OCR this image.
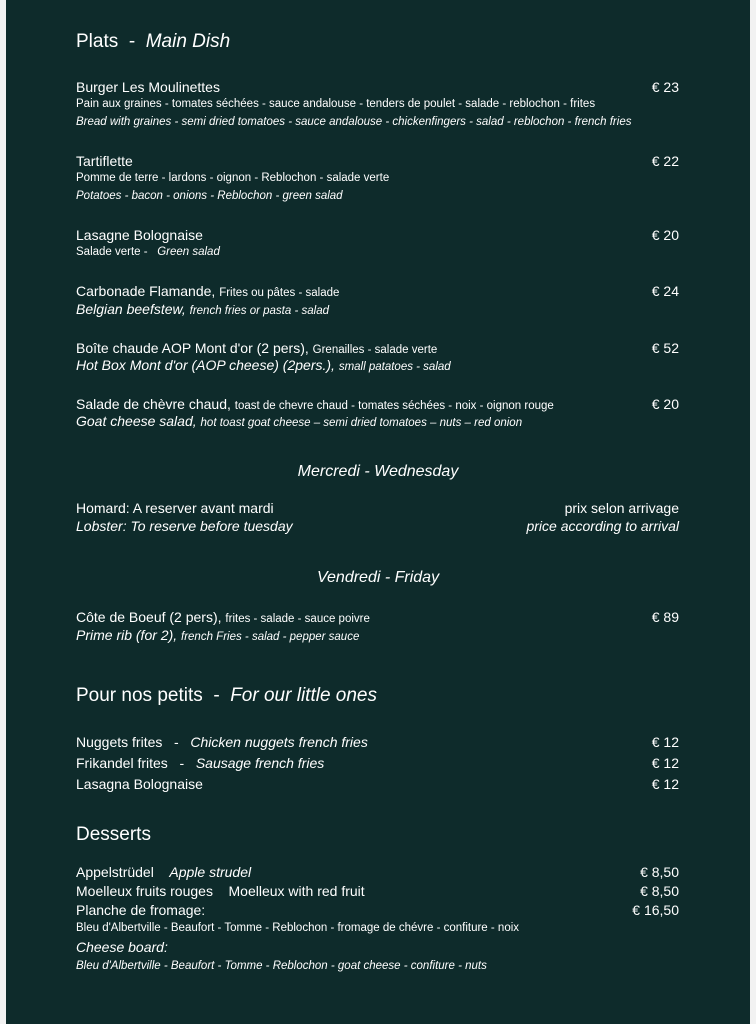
Plats - Main Dish
Burger Les Moulinettes	€ 23
Pain aux graines - tomates séchées - sauce andalouse - tenders de poulet - salade - reblochon - frites
Bread with graines - semi dried tomatoes - sauce andalouse - chickenfingers - salad - reblochon - french fries
Tartiflette	€ 22
Pomme de terre - lardons - oignon - Reblochon - salade verte
Potatoes - bacon - onions - Reblochon - green salad
Lasagne Bolognaise	€ 20
Salade verte - Green salad
Carbonade Flamande, Frites ou pâtes - salade	€ 24
Belgian beefstew, french fries or pasta - salad
Boîte chaude AOP Mont d'or (2 pers), Grenailles - salade verte	€ 52
Hot Box Mont d'or (AOP cheese) (2pers.), small patatoes - salad
Salade de chèvre chaud, toast de chevre chaud - tomates séchées - noix - oignon rouge	€ 20
Goat cheese salad, hot toast goat cheese – semi dried tomatoes – nuts – red onion
Mercredi - Wednesday
Homard: A reserver avant mardi	prix selon arrivage
Lobster: To reserve before tuesday	price according to arrival
Vendredi - Friday
Côte de Boeuf (2 pers), frites - salade - sauce poivre	€ 89
Prime rib (for 2), french Fries - salad - pepper sauce
Pour nos petits - For our little ones
Nuggets frites - Chicken nuggets french fries	€ 12
Frikandel frites - Sausage french fries	€ 12
Lasagna Bolognaise	€ 12
Desserts
Appelstrüdel Apple strudel	€ 8,50
Moelleux fruits rouges Moelleux with red fruit	€ 8,50
Planche de fromage:	€ 16,50
Bleu d'Albertville - Beaufort - Tomme - Reblochon - fromage de chévre - confiture - noix
Cheese board:
Bleu d'Albertville - Beaufort - Tomme - Reblochon - goat cheese - confiture - nuts
